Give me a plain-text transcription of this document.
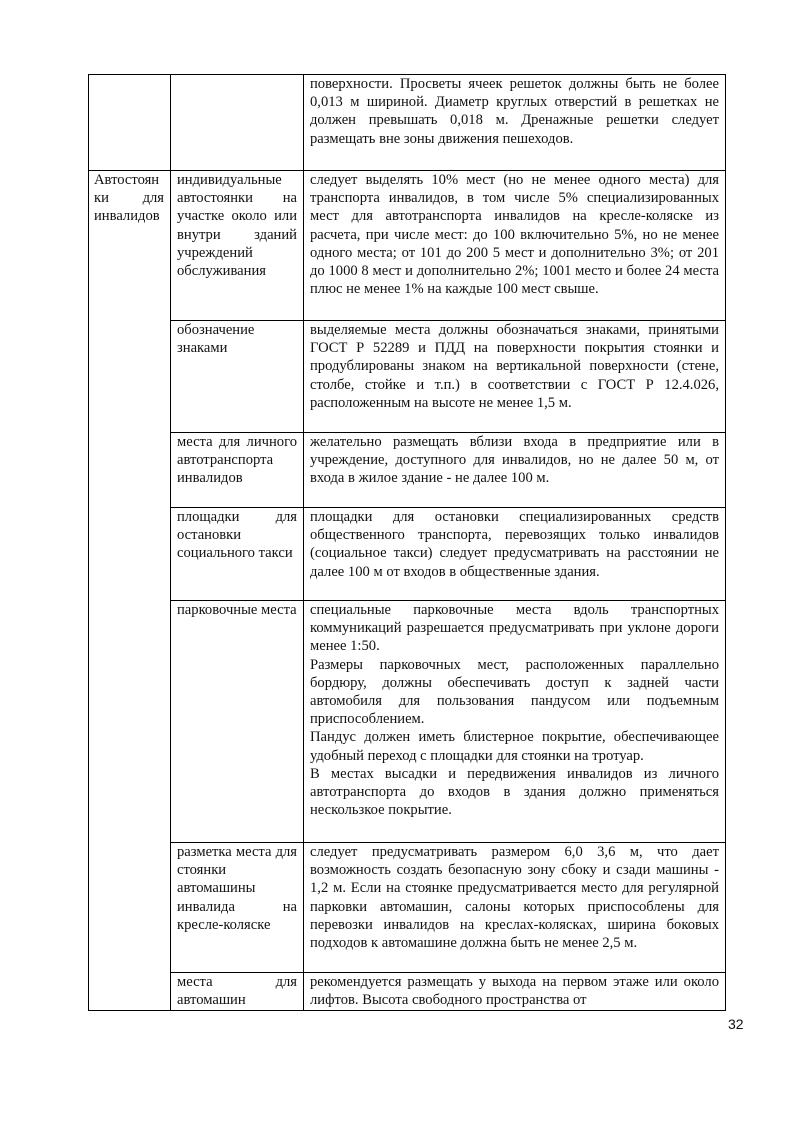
		поверхности. Просветы ячеек решеток должны быть не более 0,013 м шириной. Диаметр круглых отверстий в решетках не должен превышать 0,018 м. Дренажные решетки следует размещать вне зоны движения пешеходов.

Автостоянки для инвалидов	индивидуальные автостоянки на участке около или внутри зданий учреждений обслуживания	следует выделять 10% мест (но не менее одного места) для транспорта инвалидов, в том числе 5% специализированных мест для автотранспорта инвалидов на кресле-коляске из расчета, при числе мест: до 100 включительно 5%, но не менее одного места; от 101 до 200 5 мест и дополнительно 3%; от 201 до 1000 8 мест и дополнительно 2%; 1001 место и более 24 места плюс не менее 1% на каждые 100 мест свыше.

	обозначение знаками	выделяемые места должны обозначаться знаками, принятыми ГОСТ Р 52289 и ПДД на поверхности покрытия стоянки и продублированы знаком на вертикальной поверхности (стене, столбе, стойке и т.п.) в соответствии с ГОСТ Р 12.4.026, расположенным на высоте не менее 1,5 м.

	места для личного автотранспорта инвалидов	желательно размещать вблизи входа в предприятие или в учреждение, доступного для инвалидов, но не далее 50 м, от входа в жилое здание - не далее 100 м.

	площадки для остановки социального такси	площадки для остановки специализированных средств общественного транспорта, перевозящих только инвалидов (социальное такси) следует предусматривать на расстоянии не далее 100 м от входов в общественные здания.

	парковочные места	специальные парковочные места вдоль транспортных коммуникаций разрешается предусматривать при уклоне дороги менее 1:50.
Размеры парковочных мест, расположенных параллельно бордюру, должны обеспечивать доступ к задней части автомобиля для пользования пандусом или подъемным приспособлением.
Пандус должен иметь блистерное покрытие, обеспечивающее удобный переход с площадки для стоянки на тротуар.
В местах высадки и передвижения инвалидов из личного автотранспорта до входов в здания должно применяться нескользкое покрытие.

	разметка места для стоянки автомашины инвалида на кресле-коляске	следует предусматривать размером 6,0 3,6 м, что дает возможность создать безопасную зону сбоку и сзади машины - 1,2 м. Если на стоянке предусматривается место для регулярной парковки автомашин, салоны которых приспособлены для перевозки инвалидов на креслах-колясках, ширина боковых подходов к автомашине должна быть не менее 2,5 м.

	места для автомашин	рекомендуется размещать у выхода на первом этаже или около лифтов. Высота свободного пространства от
32
